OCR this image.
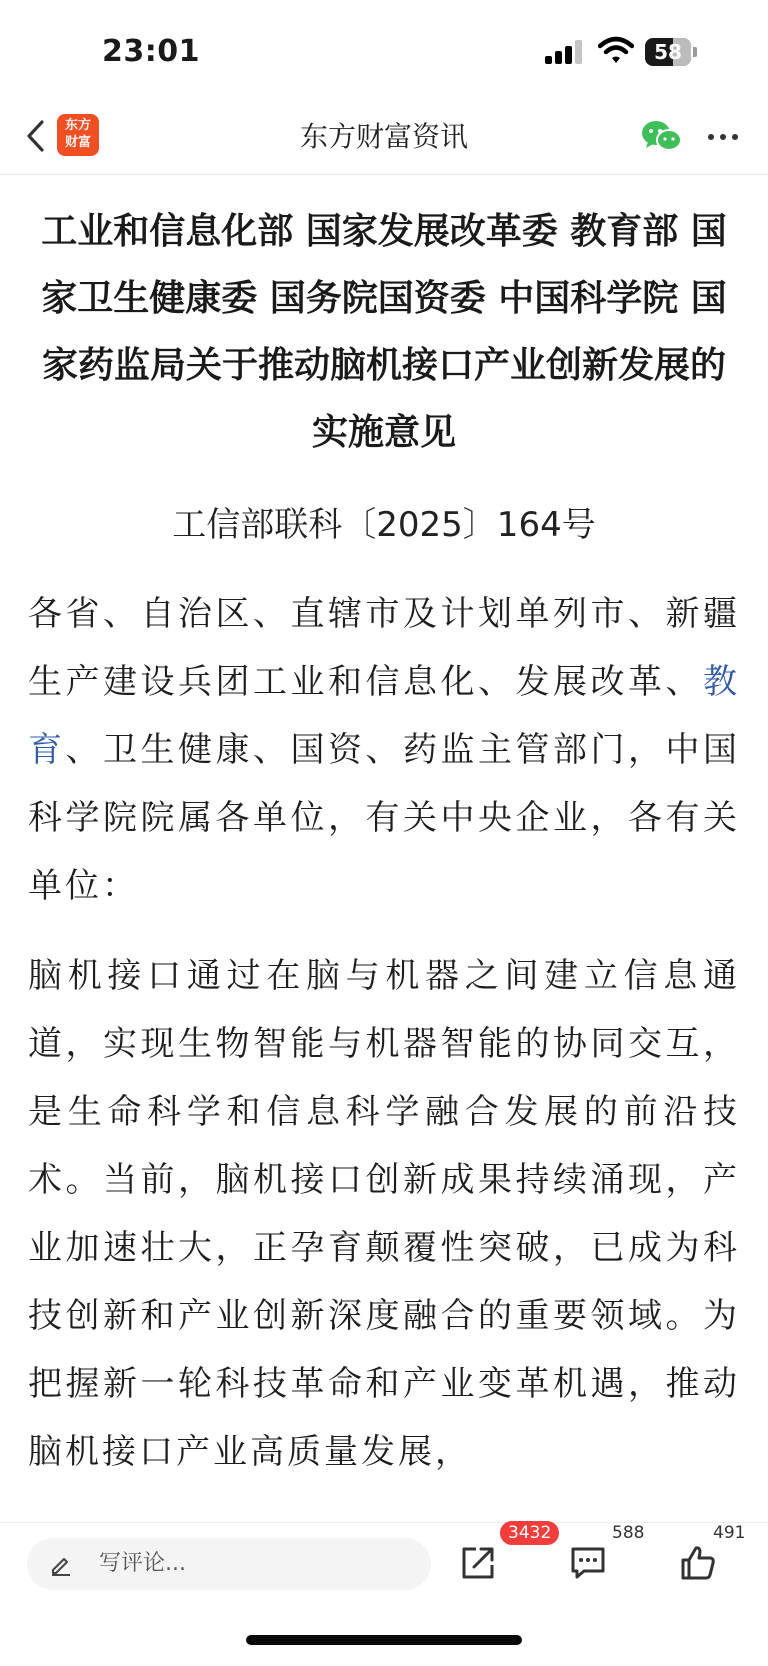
23:01	58
东方财富资讯
东方
财富
工业和信息化部 国家发展改革委 教育部 国家卫生健康委 国务院国资委 中国科学院 国家药监局关于推动脑机接口产业创新发展的实施意见
工信部联科〔2025〕164号
各省、自治区、直辖市及计划单列市、新疆生产建设兵团工业和信息化、发展改革、教育、卫生健康、国资、药监主管部门，中国科学院院属各单位，有关中央企业，各有关单位：
脑机接口通过在脑与机器之间建立信息通道，实现生物智能与机器智能的协同交互，是生命科学和信息科学融合发展的前沿技术。当前，脑机接口创新成果持续涌现，产业加速壮大，正孕育颠覆性突破，已成为科技创新和产业创新深度融合的重要领域。为把握新一轮科技革命和产业变革机遇，推动脑机接口产业高质量发展，
写评论...
3432	588	491
